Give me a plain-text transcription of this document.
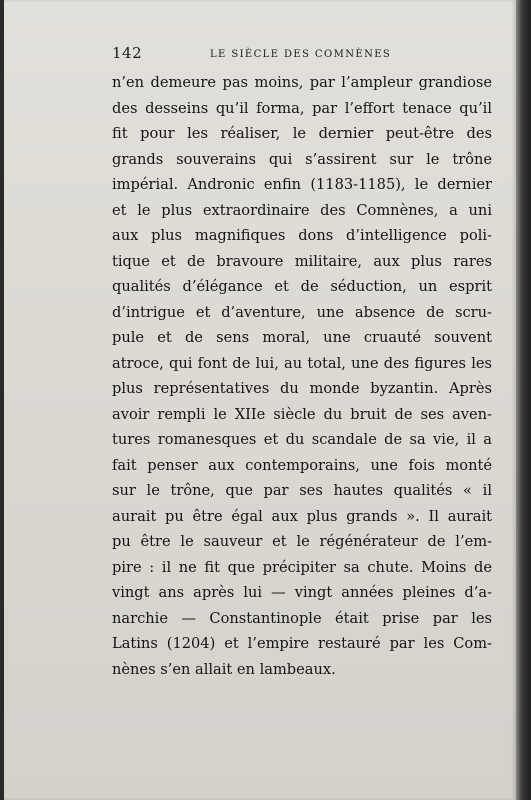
142	LE SIÈCLE DES COMNÈNES
n’en demeure pas moins, par l’ampleur grandiose
des desseins qu’il forma, par l’effort tenace qu’il
fit pour les réaliser, le dernier peut-être des
grands souverains qui s’assirent sur le trône
impérial. Andronic enfin (1183-1185), le dernier
et le plus extraordinaire des Comnènes, a uni
aux plus magnifiques dons d’intelligence poli-
tique et de bravoure militaire, aux plus rares
qualités d’élégance et de séduction, un esprit
d’intrigue et d’aventure, une absence de scru-
pule et de sens moral, une cruauté souvent
atroce, qui font de lui, au total, une des figures les
plus représentatives du monde byzantin. Après
avoir rempli le XIIe siècle du bruit de ses aven-
tures romanesques et du scandale de sa vie, il a
fait penser aux contemporains, une fois monté
sur le trône, que par ses hautes qualités « il
aurait pu être égal aux plus grands ». Il aurait
pu être le sauveur et le régénérateur de l’em-
pire : il ne fit que précipiter sa chute. Moins de
vingt ans après lui — vingt années pleines d’a-
narchie — Constantinople était prise par les
Latins (1204) et l’empire restauré par les Com-
nènes s’en allait en lambeaux.
